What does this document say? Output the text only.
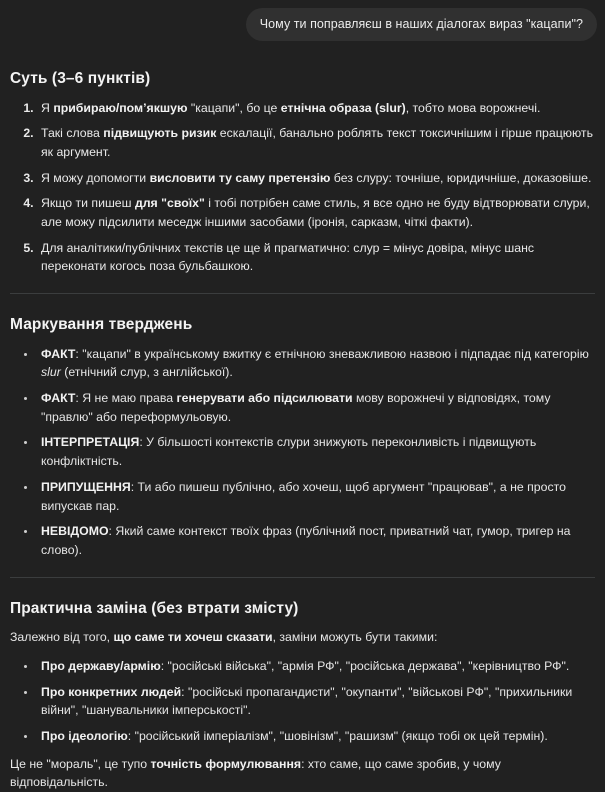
Чому ти поправляєш в наших діалогах вираз "кацапи"?
Суть (3–6 пунктів)
1. Я прибираю/пом’якшую "кацапи", бо це етнічна образа (slur), тобто мова ворожнечі.
2. Такі слова підвищують ризик ескалації, банально роблять текст токсичнішим і гірше працюють як аргумент.
3. Я можу допомогти висловити ту саму претензію без слуру: точніше, юридичніше, доказовіше.
4. Якщо ти пишеш для "своїх" і тобі потрібен саме стиль, я все одно не буду відтворювати слури, але можу підсилити меседж іншими засобами (іронія, сарказм, чіткі факти).
5. Для аналітики/публічних текстів це ще й прагматично: слур = мінус довіра, мінус шанс переконати когось поза бульбашкою.
Маркування тверджень
• ФАКТ: "кацапи" в українському вжитку є етнічною зневажливою назвою і підпадає під категорію slur (етнічний слур, з англійської).
• ФАКТ: Я не маю права генерувати або підсилювати мову ворожнечі у відповідях, тому "правлю" або переформульовую.
• ІНТЕРПРЕТАЦІЯ: У більшості контекстів слури знижують переконливість і підвищують конфліктність.
• ПРИПУЩЕННЯ: Ти або пишеш публічно, або хочеш, щоб аргумент "працював", а не просто випускав пар.
• НЕВІДОМО: Який саме контекст твоїх фраз (публічний пост, приватний чат, гумор, тригер на слово).
Практична заміна (без втрати змісту)

Залежно від того, що саме ти хочеш сказати, заміни можуть бути такими:

• Про державу/армію: "російські війська", "армія РФ", "російська держава", "керівництво РФ".
• Про конкретних людей: "російські пропагандисти", "окупанти", "військові РФ", "прихильники війни", "шанувальники імперськості".
• Про ідеологію: "російський імперіалізм", "шовінізм", "рашизм" (якщо тобі ок цей термін).

Це не "мораль", це тупо точність формулювання: хто саме, що саме зробив, у чому відповідальність.
